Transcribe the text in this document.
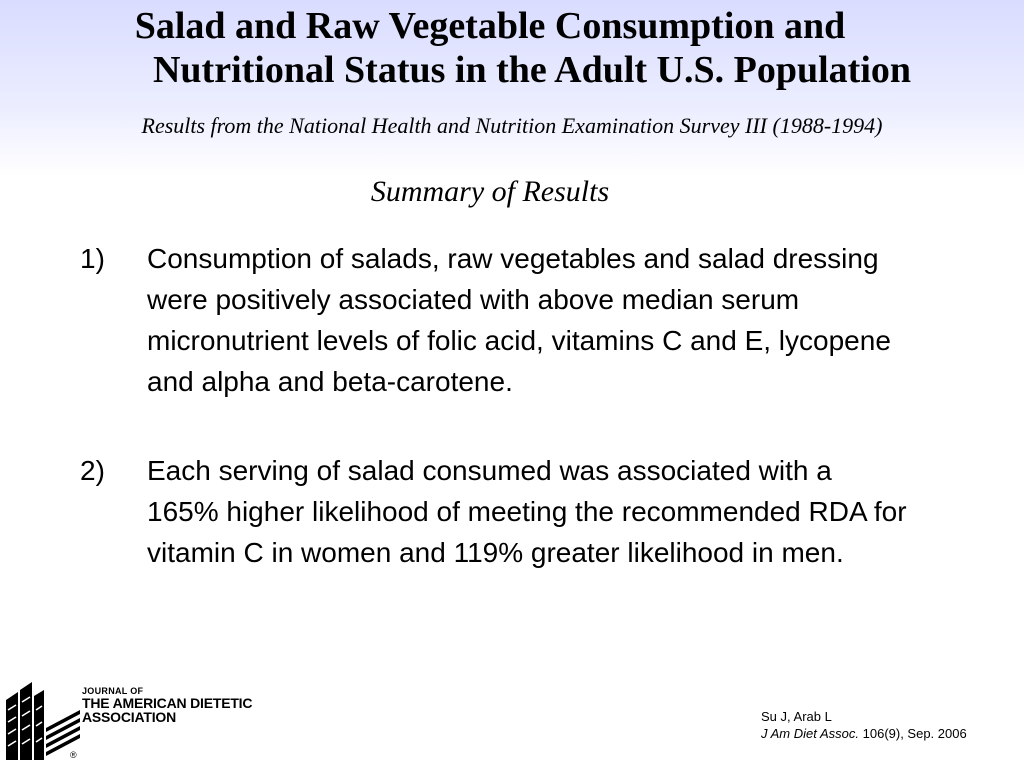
Salad and Raw Vegetable Consumption and
Nutritional Status in the Adult U.S. Population
Results from the National Health and Nutrition Examination Survey III (1988-1994)
Summary of Results
1)	Consumption of salads, raw vegetables and salad dressing were positively associated with above median serum micronutrient levels of folic acid, vitamins C and E, lycopene and alpha and beta-carotene.
2)	Each serving of salad consumed was associated with a 165% higher likelihood of meeting the recommended RDA for vitamin C in women and 119% greater likelihood in men.
JOURNAL OF
THE AMERICAN DIETETIC
ASSOCIATION
®
Su J, Arab L
J Am Diet Assoc. 106(9), Sep. 2006
